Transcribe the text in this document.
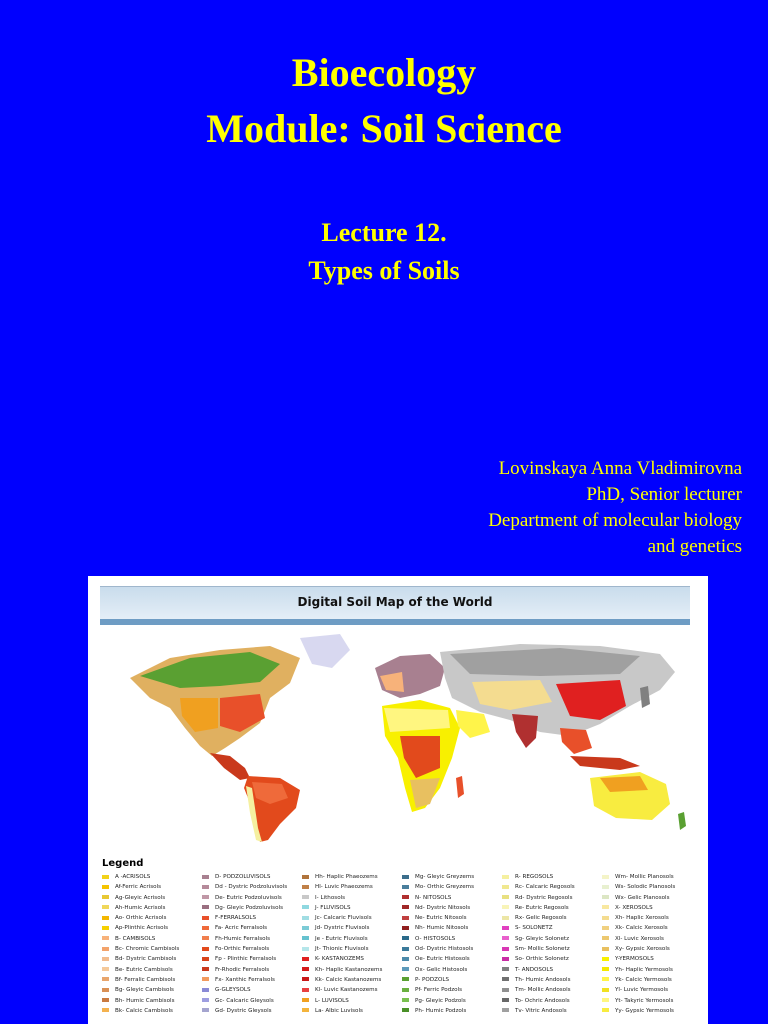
Bioecology
Module: Soil Science
Lecture 12.
Types of Soils
Lovinskaya Anna Vladimirovna
PhD, Senior lecturer
Department of molecular biology
and genetics
Digital Soil Map of the World
Legend
A -ACRISOLS
Af-Ferric Acrisols
Ag-Gleyic Acrisols
Ah-Humic Acrisols
Ao- Orthic Acrisols
Ap-Plinthic Acrisols
B- CAMBISOLS
Bc- Chromic Cambisols
Bd- Dystric Cambisols
Be- Eutric Cambisols
Bf- Ferralic Cambisols
Bg- Gleyic Cambisols
Bh- Humic Cambisols
Bk- Calcic Cambisols
D- PODZOLUVISOLS
Dd - Dystric Podzoluvisols
De- Eutric Podzoluvisols
Dg- Gleyic Podzoluvisols
F-FERRALSOLS
Fa- Acric Ferralsols
Fh-Humic Ferralsols
Fo-Orthic Ferralsols
Fp - Plinthic Ferralsols
Fr-Rhodic Ferralsols
Fx- Xanthic Ferralsols
G-GLEYSOLS
Gc- Calcaric Gleysols
Gd- Dystric Gleysols
Hh- Haplic Phaeozems
Hl- Luvic Phaeozems
I- Lithosols
J- FLUVISOLS
Jc- Calcaric Fluvisols
Jd- Dystric Fluvisols
Je - Eutric Fluvisols
Jt- Thionic Fluvisols
K- KASTANOZEMS
Kh- Haplic Kastanozems
Kk- Calcic Kastanozems
Kl- Luvic Kastanozems
L- LUVISOLS
La- Albic Luvisols
Mg- Gleyic Greyzems
Mo- Orthic Greyzems
N- NITOSOLS
Nd- Dystric Nitosols
Ne- Eutric Nitosols
Nh- Humic Nitosols
O- HISTOSOLS
Od- Dystric Histosols
Oe- Eutric Histosols
Ox- Gelic Histosols
P- PODZOLS
Pf- Ferric Podzols
Pg- Gleyic Podzols
Ph- Humic Podzols
R- REGOSOLS
Rc- Calcaric Regosols
Rd- Dystric Regosols
Re- Eutric Regosols
Rx- Gelic Regosols
S- SOLONETZ
Sg- Gleyic Solonetz
Sm- Mollic Solonetz
So- Orthic Solonetz
T- ANDOSOLS
Th- Humic Andosols
Tm- Mollic Andosols
To- Ochric Andosols
Tv- Vitric Andosols
Wm- Mollic Planosols
Ws- Solodic Planosols
Wx- Gelic Planosols
X- XEROSOLS
Xh- Haplic Xerosols
Xk- Calcic Xerosols
Xl- Luvic Xerosols
Xy- Gypsic Xerosols
Y-YERMOSOLS
Yh- Haplic Yermosols
Yk- Calcic Yermosols
Yl- Luvic Yermosols
Yt- Takyric Yermosols
Yy- Gypsic Yermosols
